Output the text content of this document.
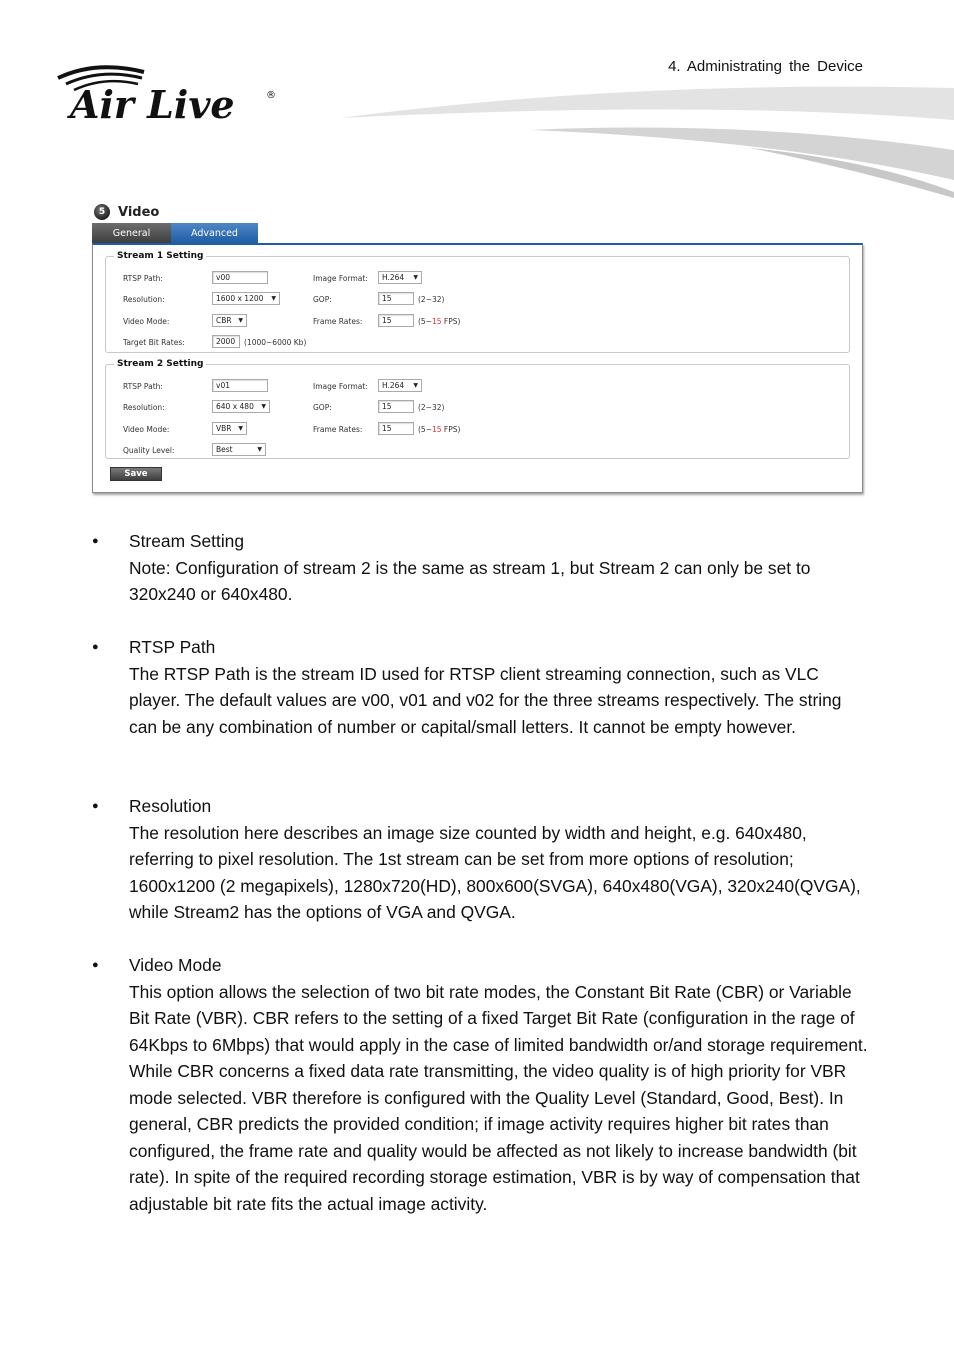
Air Live	®
4. Administrating the Device
5 Video
General	Advanced
Stream 1 Setting
RTSP Path:	v00
Resolution:	1600 x 1200 ▼
Video Mode:	CBR ▼
Target Bit Rates:	2000	(1000~6000 Kb)
Image Format:	H.264 ▼
GOP:	15	(2~32)
Frame Rates:	15	(5~15 FPS)
Stream 2 Setting
RTSP Path:	v01
Resolution:	640 x 480 ▼
Video Mode:	VBR ▼
Quality Level:	Best ▼
Image Format:	H.264 ▼
GOP:	15	(2~32)
Frame Rates:	15	(5~15 FPS)
Save
● Stream Setting
Note: Configuration of stream 2 is the same as stream 1, but Stream 2 can only be set to 320x240 or 640x480.
● RTSP Path
The RTSP Path is the stream ID used for RTSP client streaming connection, such as VLC player. The default values are v00, v01 and v02 for the three streams respectively. The string can be any combination of number or capital/small letters. It cannot be empty however.
● Resolution
The resolution here describes an image size counted by width and height, e.g. 640x480, referring to pixel resolution. The 1st stream can be set from more options of resolution; 1600x1200 (2 megapixels), 1280x720(HD), 800x600(SVGA), 640x480(VGA), 320x240(QVGA), while Stream2 has the options of VGA and QVGA.
● Video Mode
This option allows the selection of two bit rate modes, the Constant Bit Rate (CBR) or Variable Bit Rate (VBR). CBR refers to the setting of a fixed Target Bit Rate (configuration in the rage of 64Kbps to 6Mbps) that would apply in the case of limited bandwidth or/and storage requirement. While CBR concerns a fixed data rate transmitting, the video quality is of high priority for VBR mode selected. VBR therefore is configured with the Quality Level (Standard, Good, Best). In general, CBR predicts the provided condition; if image activity requires higher bit rates than configured, the frame rate and quality would be affected as not likely to increase bandwidth (bit rate). In spite of the required recording storage estimation, VBR is by way of compensation that adjustable bit rate fits the actual image activity.
